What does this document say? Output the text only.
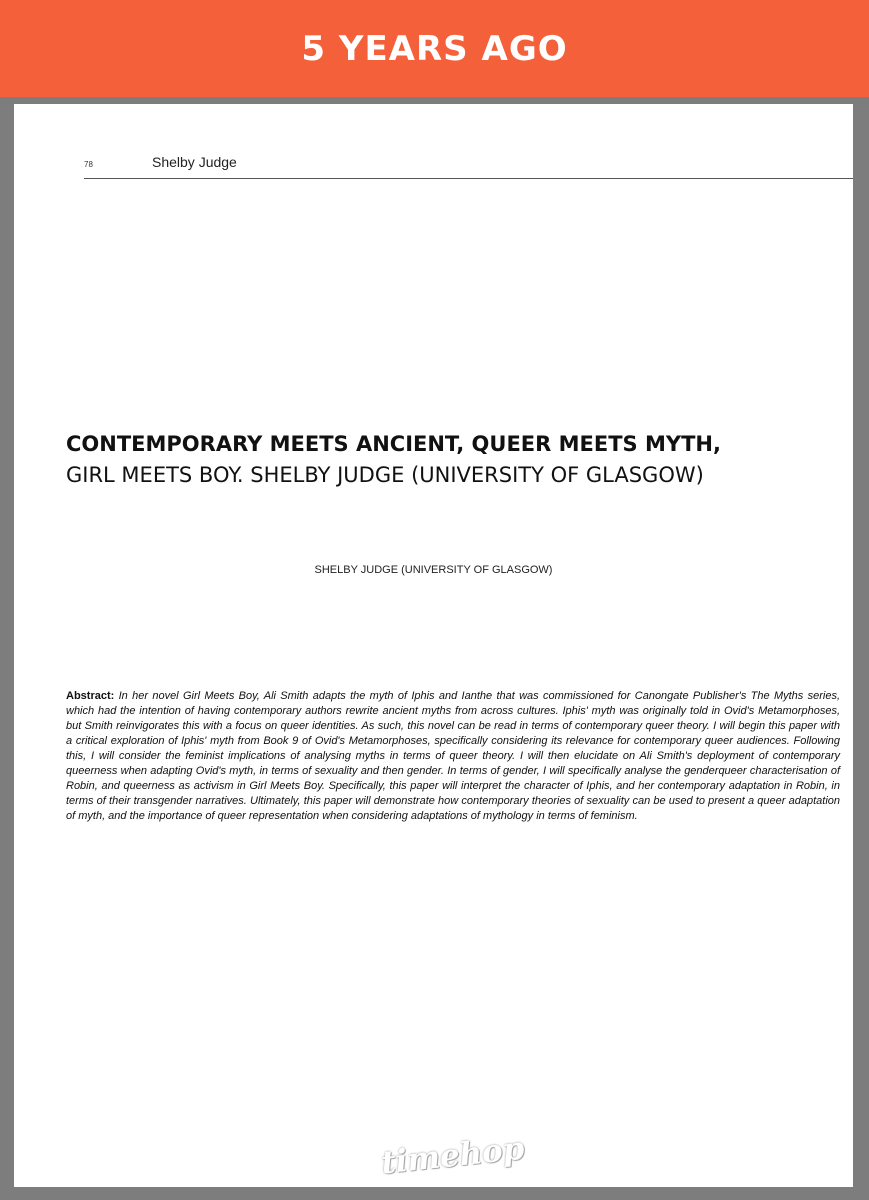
5 YEARS AGO
78	Shelby Judge
CONTEMPORARY MEETS ANCIENT, QUEER MEETS MYTH,
GIRL MEETS BOY. SHELBY JUDGE (UNIVERSITY OF GLASGOW)
SHELBY JUDGE (UNIVERSITY OF GLASGOW)
Abstract: In her novel Girl Meets Boy, Ali Smith adapts the myth of Iphis and Ianthe that was commissioned for Canongate Publisher's The Myths series, which had the intention of having contemporary authors rewrite ancient myths from across cultures. Iphis' myth was originally told in Ovid's Metamorphoses, but Smith reinvigorates this with a focus on queer identities. As such, this novel can be read in terms of contemporary queer theory. I will begin this paper with a critical exploration of Iphis' myth from Book 9 of Ovid's Metamorphoses, specifically considering its relevance for contemporary queer audiences. Following this, I will consider the feminist implications of analysing myths in terms of queer theory. I will then elucidate on Ali Smith's deployment of contemporary queerness when adapting Ovid's myth, in terms of sexuality and then gender. In terms of gender, I will specifically analyse the genderqueer characterisation of Robin, and queerness as activism in Girl Meets Boy. Specifically, this paper will interpret the character of Iphis, and her contemporary adaptation in Robin, in terms of their transgender narratives. Ultimately, this paper will demonstrate how contemporary theories of sexuality can be used to present a queer adaptation of myth, and the importance of queer representation when considering adaptations of mythology in terms of feminism.
timehop
